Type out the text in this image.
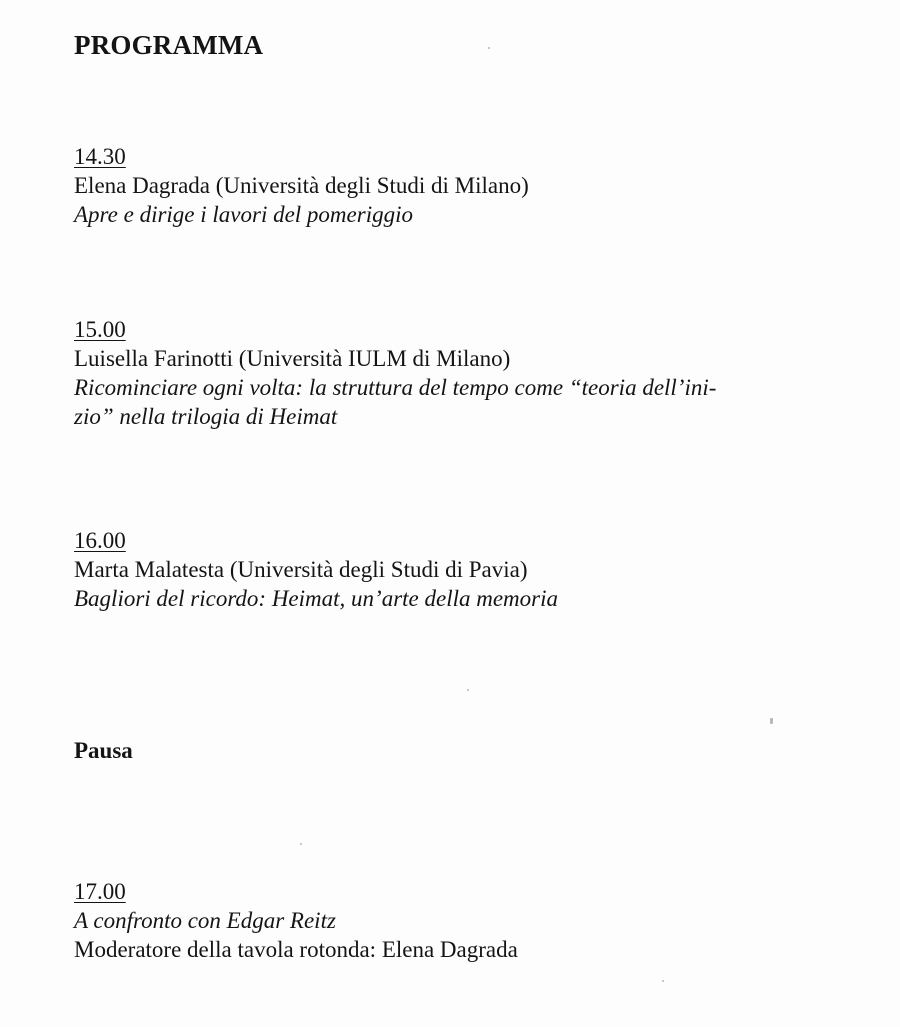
PROGRAMMA
14.30
Elena Dagrada (Università degli Studi di Milano)
Apre e dirige i lavori del pomeriggio
15.00
Luisella Farinotti (Università IULM di Milano)
Ricominciare ogni volta: la struttura del tempo come “teoria dell’ini-
zio” nella trilogia di Heimat
16.00
Marta Malatesta (Università degli Studi di Pavia)
Bagliori del ricordo: Heimat, un’arte della memoria
Pausa
17.00
A confronto con Edgar Reitz
Moderatore della tavola rotonda: Elena Dagrada
